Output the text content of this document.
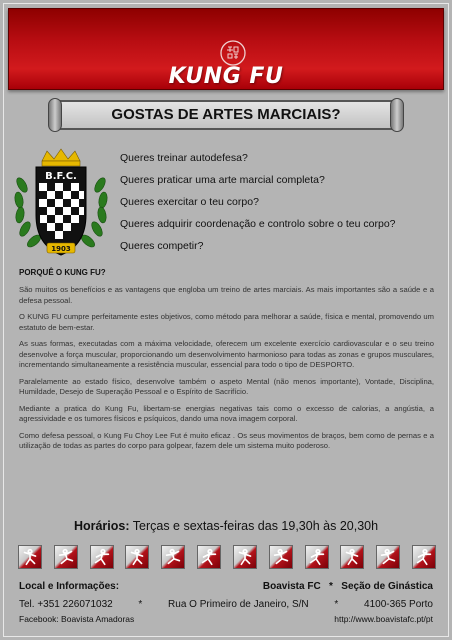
KUNG FU
GOSTAS DE ARTES MARCIAIS?
B.F.C.
1903
Queres treinar autodefesa?
Queres praticar uma arte marcial completa?
Queres exercitar o teu corpo?
Queres adquirir coordenação e controlo sobre o teu corpo?
Queres competir?
PORQUÊ O KUNG FU?

São muitos os benefícios e as vantagens que engloba um treino de artes marciais. As mais importantes são a saúde e a defesa pessoal.

O KUNG FU cumpre perfeitamente estes objetivos, como método para melhorar a saúde, física e mental, promovendo um estatuto de bem-estar.

As suas formas, executadas com a máxima velocidade, oferecem um excelente exercício cardiovascular e o seu treino desenvolve a força muscular, proporcionando um desenvolvimento harmonioso para todas as zonas e grupos musculares, incrementando simultaneamente a resistência muscular, essencial para todo o tipo de DESPORTO.

Paralelamente ao estado físico, desenvolve também o aspeto Mental (não menos importante), Vontade, Disciplina, Humildade, Desejo de Superação Pessoal e o Espírito de Sacrifício.

Mediante a pratica do Kung Fu, libertam-se energias negativas tais como o excesso de calorias, a angústia, a agressividade e os tumores físicos e psíquicos, dando uma nova imagem corporal.

Como defesa pessoal, o Kung Fu Choy Lee Fut é muito eficaz . Os seus movimentos de braços, bem como de pernas e a utilização de todas as partes do corpo para golpear, fazem dele um sistema muito poderoso.

Horários: Terças e sextas-feiras das 19,30h às 20,30h
Local e Informações:	Boavista FC * Seção de Ginástica
Tel. +351 226071032	*	Rua O Primeiro de Janeiro, S/N	*	4100-365 Porto
Facebook: Boavista Amadoras	http://www.boavistafc.pt/pt
